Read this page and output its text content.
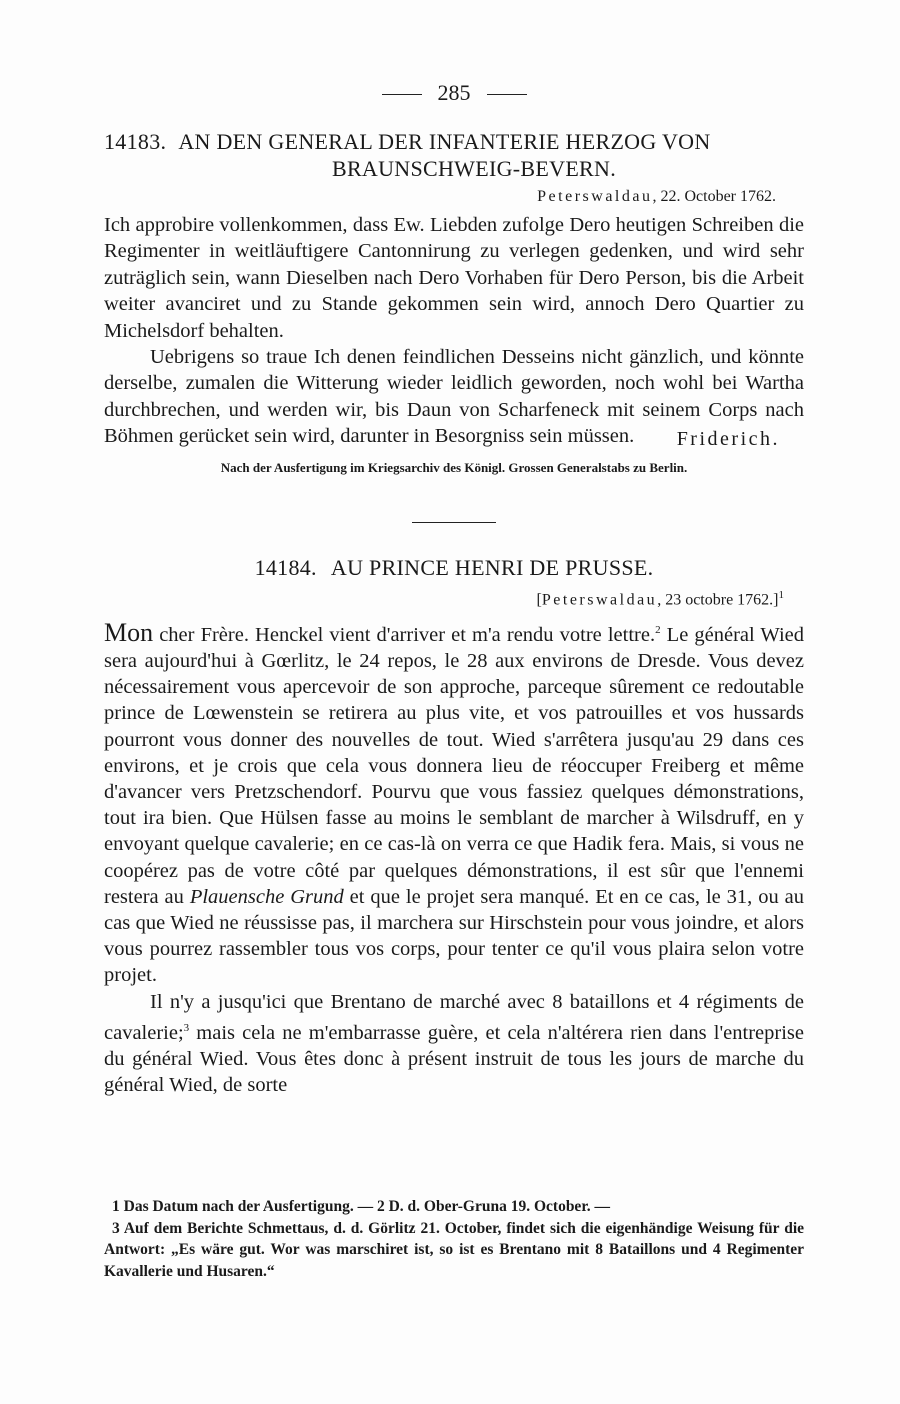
285
14183. AN DEN GENERAL DER INFANTERIE HERZOG VON
BRAUNSCHWEIG-BEVERN.
Peterswaldau, 22. October 1762.

Ich approbire vollenkommen, dass Ew. Liebden zufolge Dero heutigen Schreiben die Regimenter in weitläuftigere Cantonnirung zu verlegen gedenken, und wird sehr zuträglich sein, wann Dieselben nach Dero Vorhaben für Dero Person, bis die Arbeit weiter avanciret und zu Stande gekommen sein wird, annoch Dero Quartier zu Michelsdorf behalten.

Uebrigens so traue Ich denen feindlichen Desseins nicht gänzlich, und könnte derselbe, zumalen die Witterung wieder leidlich geworden, noch wohl bei Wartha durchbrechen, und werden wir, bis Daun von Scharfeneck mit seinem Corps nach Böhmen gerücket sein wird, darunter in Besorgniss sein müssen.	Friderich.
Nach der Ausfertigung im Kriegsarchiv des Königl. Grossen Generalstabs zu Berlin.
14184. AU PRINCE HENRI DE PRUSSE.
[Peterswaldau, 23 octobre 1762.]$^1$

Mon cher Frère. Henckel vient d'arriver et m'a rendu votre lettre.$^2$ Le général Wied sera aujourd'hui à Gœrlitz, le 24 repos, le 28 aux environs de Dresde. Vous devez nécessairement vous apercevoir de son approche, parceque sûrement ce redoutable prince de Lœwenstein se retirera au plus vite, et vos patrouilles et vos hussards pourront vous donner des nouvelles de tout. Wied s'arrêtera jusqu'au 29 dans ces environs, et je crois que cela vous donnera lieu de réoccuper Freiberg et même d'avancer vers Pretzschendorf. Pourvu que vous fassiez quelques démonstrations, tout ira bien. Que Hülsen fasse au moins le semblant de marcher à Wilsdruff, en y envoyant quelque cavalerie; en ce cas-là on verra ce que Hadik fera. Mais, si vous ne coopérez pas de votre côté par quelques démonstrations, il est sûr que l'ennemi restera au Plauensche Grund et que le projet sera manqué. Et en ce cas, le 31, ou au cas que Wied ne réussisse pas, il marchera sur Hirschstein pour vous joindre, et alors vous pourrez rassembler tous vos corps, pour tenter ce qu'il vous plaira selon votre projet.

Il n'y a jusqu'ici que Brentano de marché avec 8 bataillons et 4 régiments de cavalerie;$^3$ mais cela ne m'embarrasse guère, et cela n'altérera rien dans l'entreprise du général Wied. Vous êtes donc à présent instruit de tous les jours de marche du général Wied, de sorte

1 Das Datum nach der Ausfertigung. — 2 D. d. Ober-Gruna 19. October. —

3 Auf dem Berichte Schmettaus, d. d. Görlitz 21. October, findet sich die eigenhändige Weisung für die Antwort: „Es wäre gut. Wor was marschiret ist, so ist es Brentano mit 8 Bataillons und 4 Regimenter Kavallerie und Husaren.“
